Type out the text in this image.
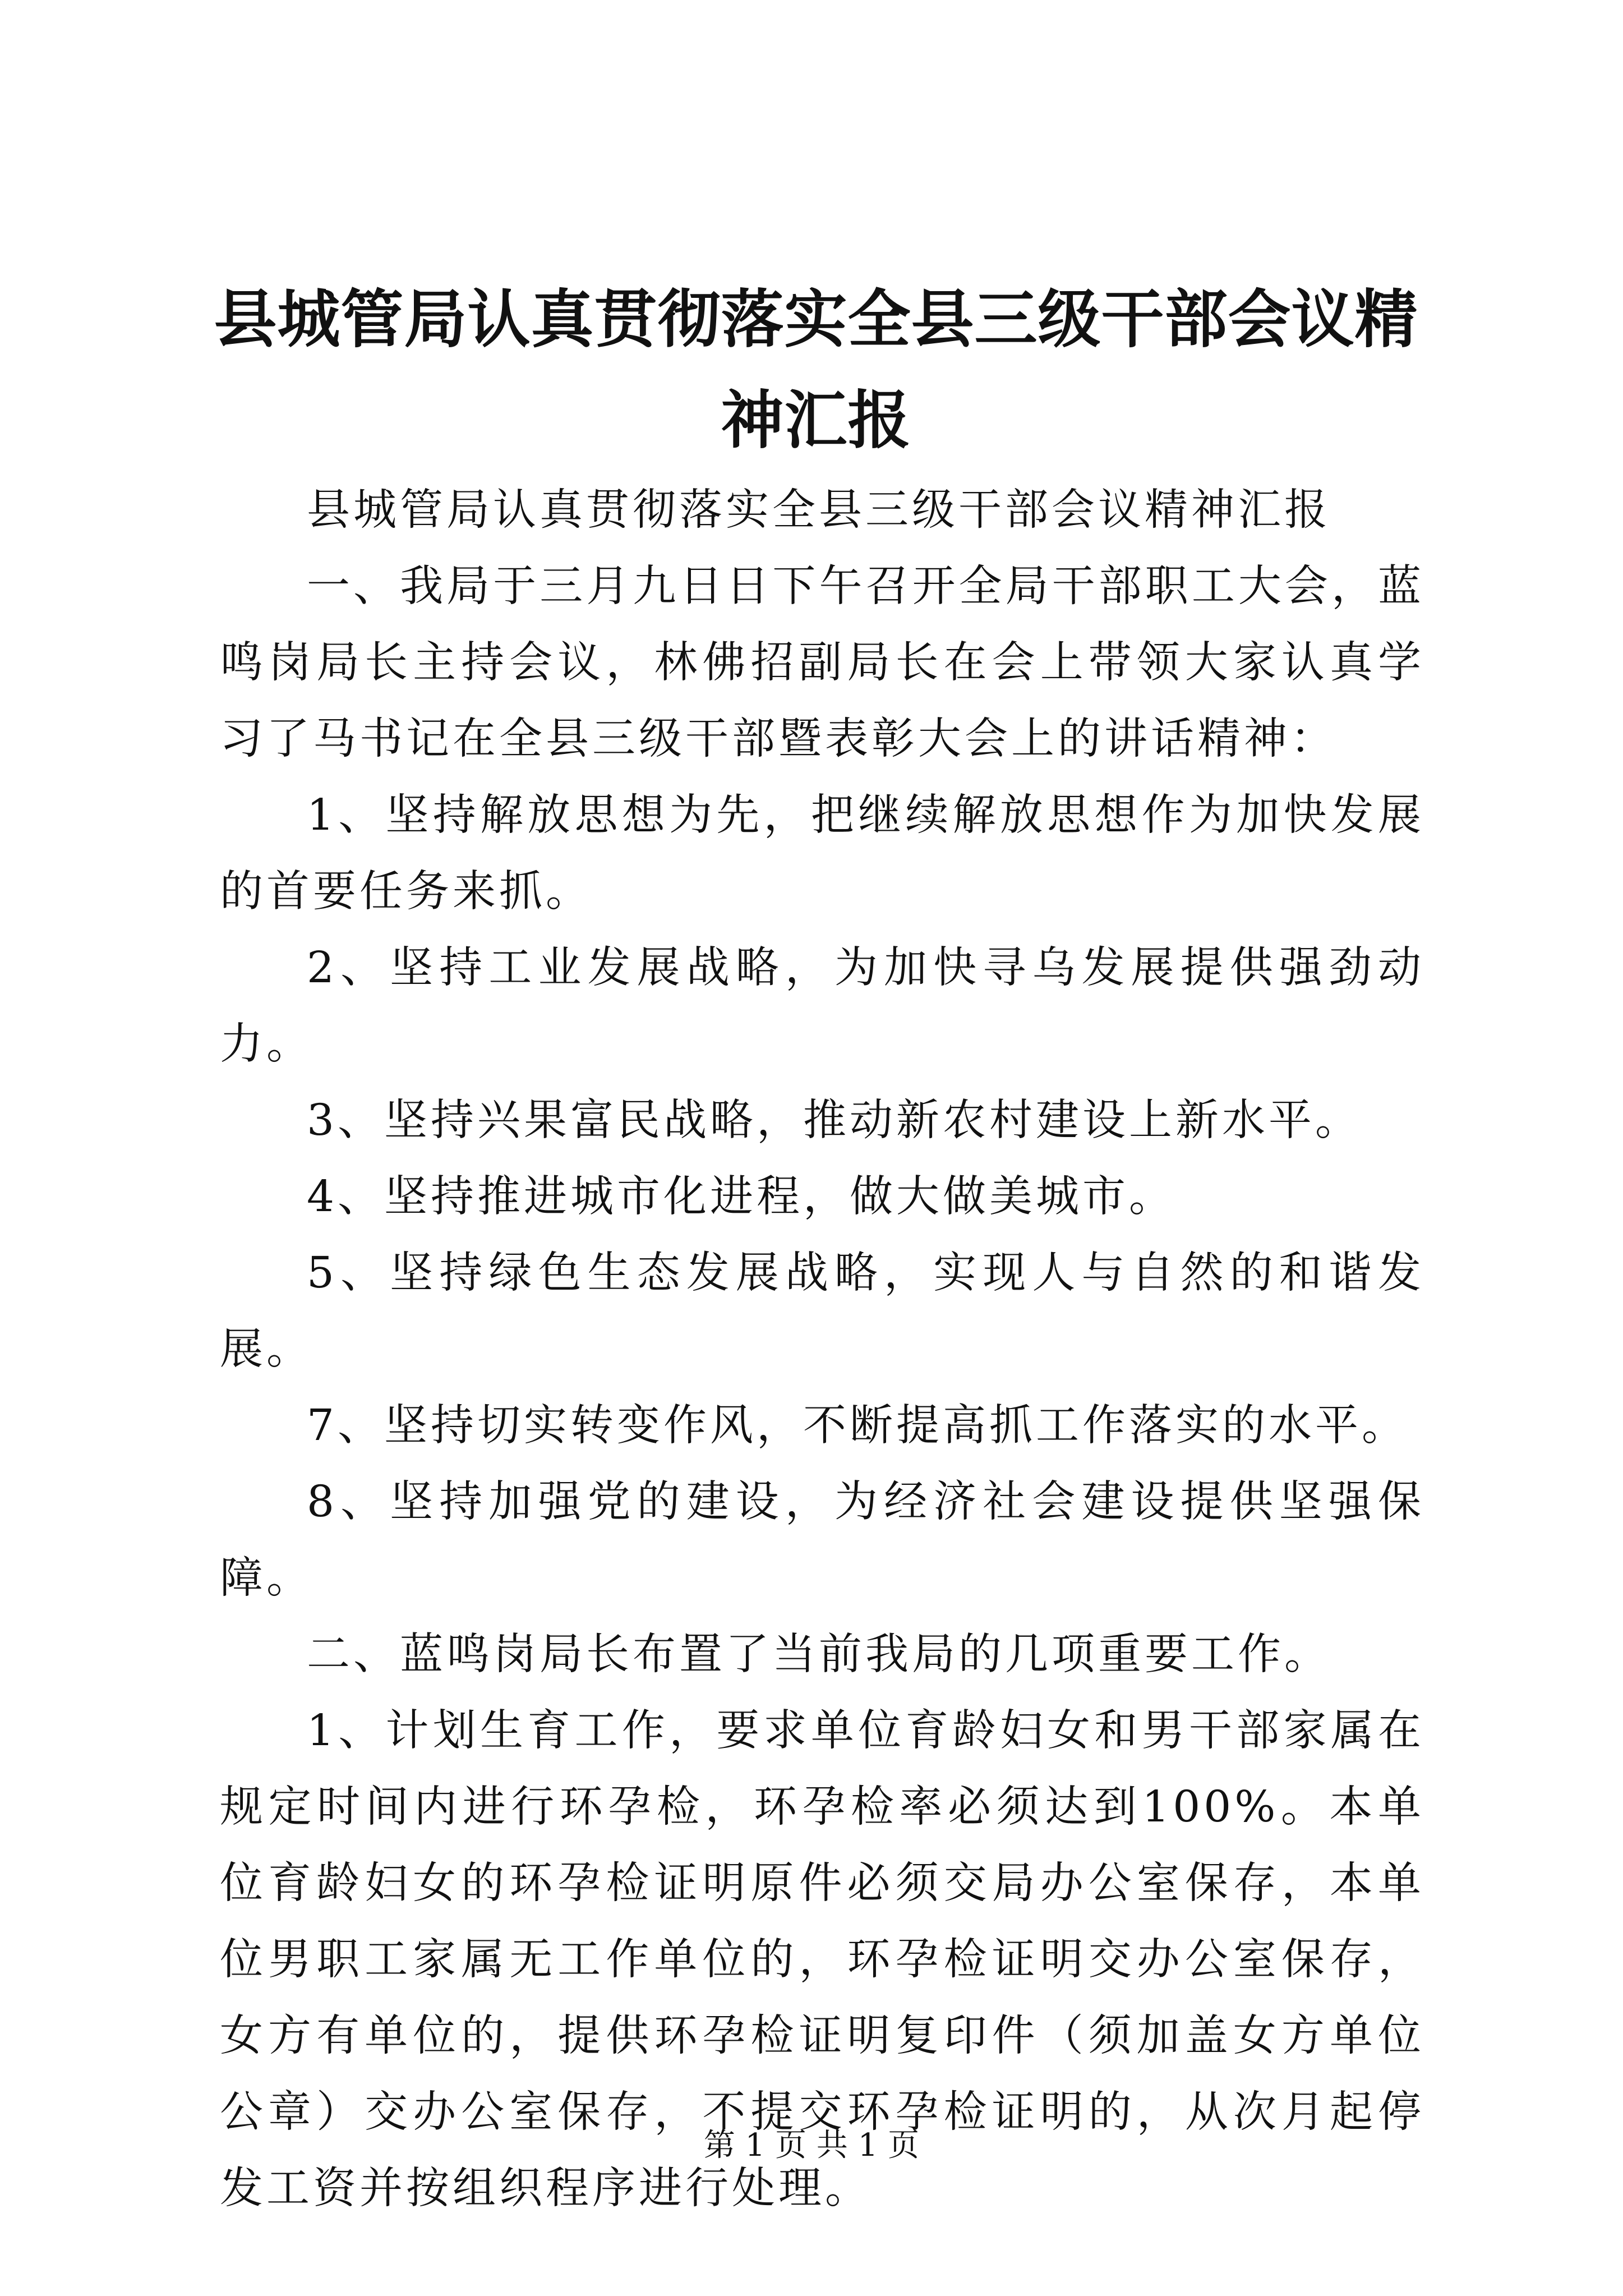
县城管局认真贯彻落实全县三级干部会议精神汇报

县城管局认真贯彻落实全县三级干部会议精神汇报

一、我局于三月九日日下午召开全局干部职工大会，蓝鸣岗局长主持会议，林佛招副局长在会上带领大家认真学习了马书记在全县三级干部暨表彰大会上的讲话精神：

1、坚持解放思想为先，把继续解放思想作为加快发展的首要任务来抓。

2、坚持工业发展战略，为加快寻乌发展提供强劲动力。

3、坚持兴果富民战略，推动新农村建设上新水平。

4、坚持推进城市化进程，做大做美城市。

5、坚持绿色生态发展战略，实现人与自然的和谐发展。

7、坚持切实转变作风，不断提高抓工作落实的水平。

8、坚持加强党的建设，为经济社会建设提供坚强保障。

二、蓝鸣岗局长布置了当前我局的几项重要工作。

1、计划生育工作，要求单位育龄妇女和男干部家属在规定时间内进行环孕检，环孕检率必须达到100%。本单位育龄妇女的环孕检证明原件必须交局办公室保存，本单位男职工家属无工作单位的，环孕检证明交办公室保存，女方有单位的，提供环孕检证明复印件（须加盖女方单位公章）交办公室保存，不提交环孕检证明的，从次月起停发工资并按组织程序进行处理。

第 1 页 共 1 页
